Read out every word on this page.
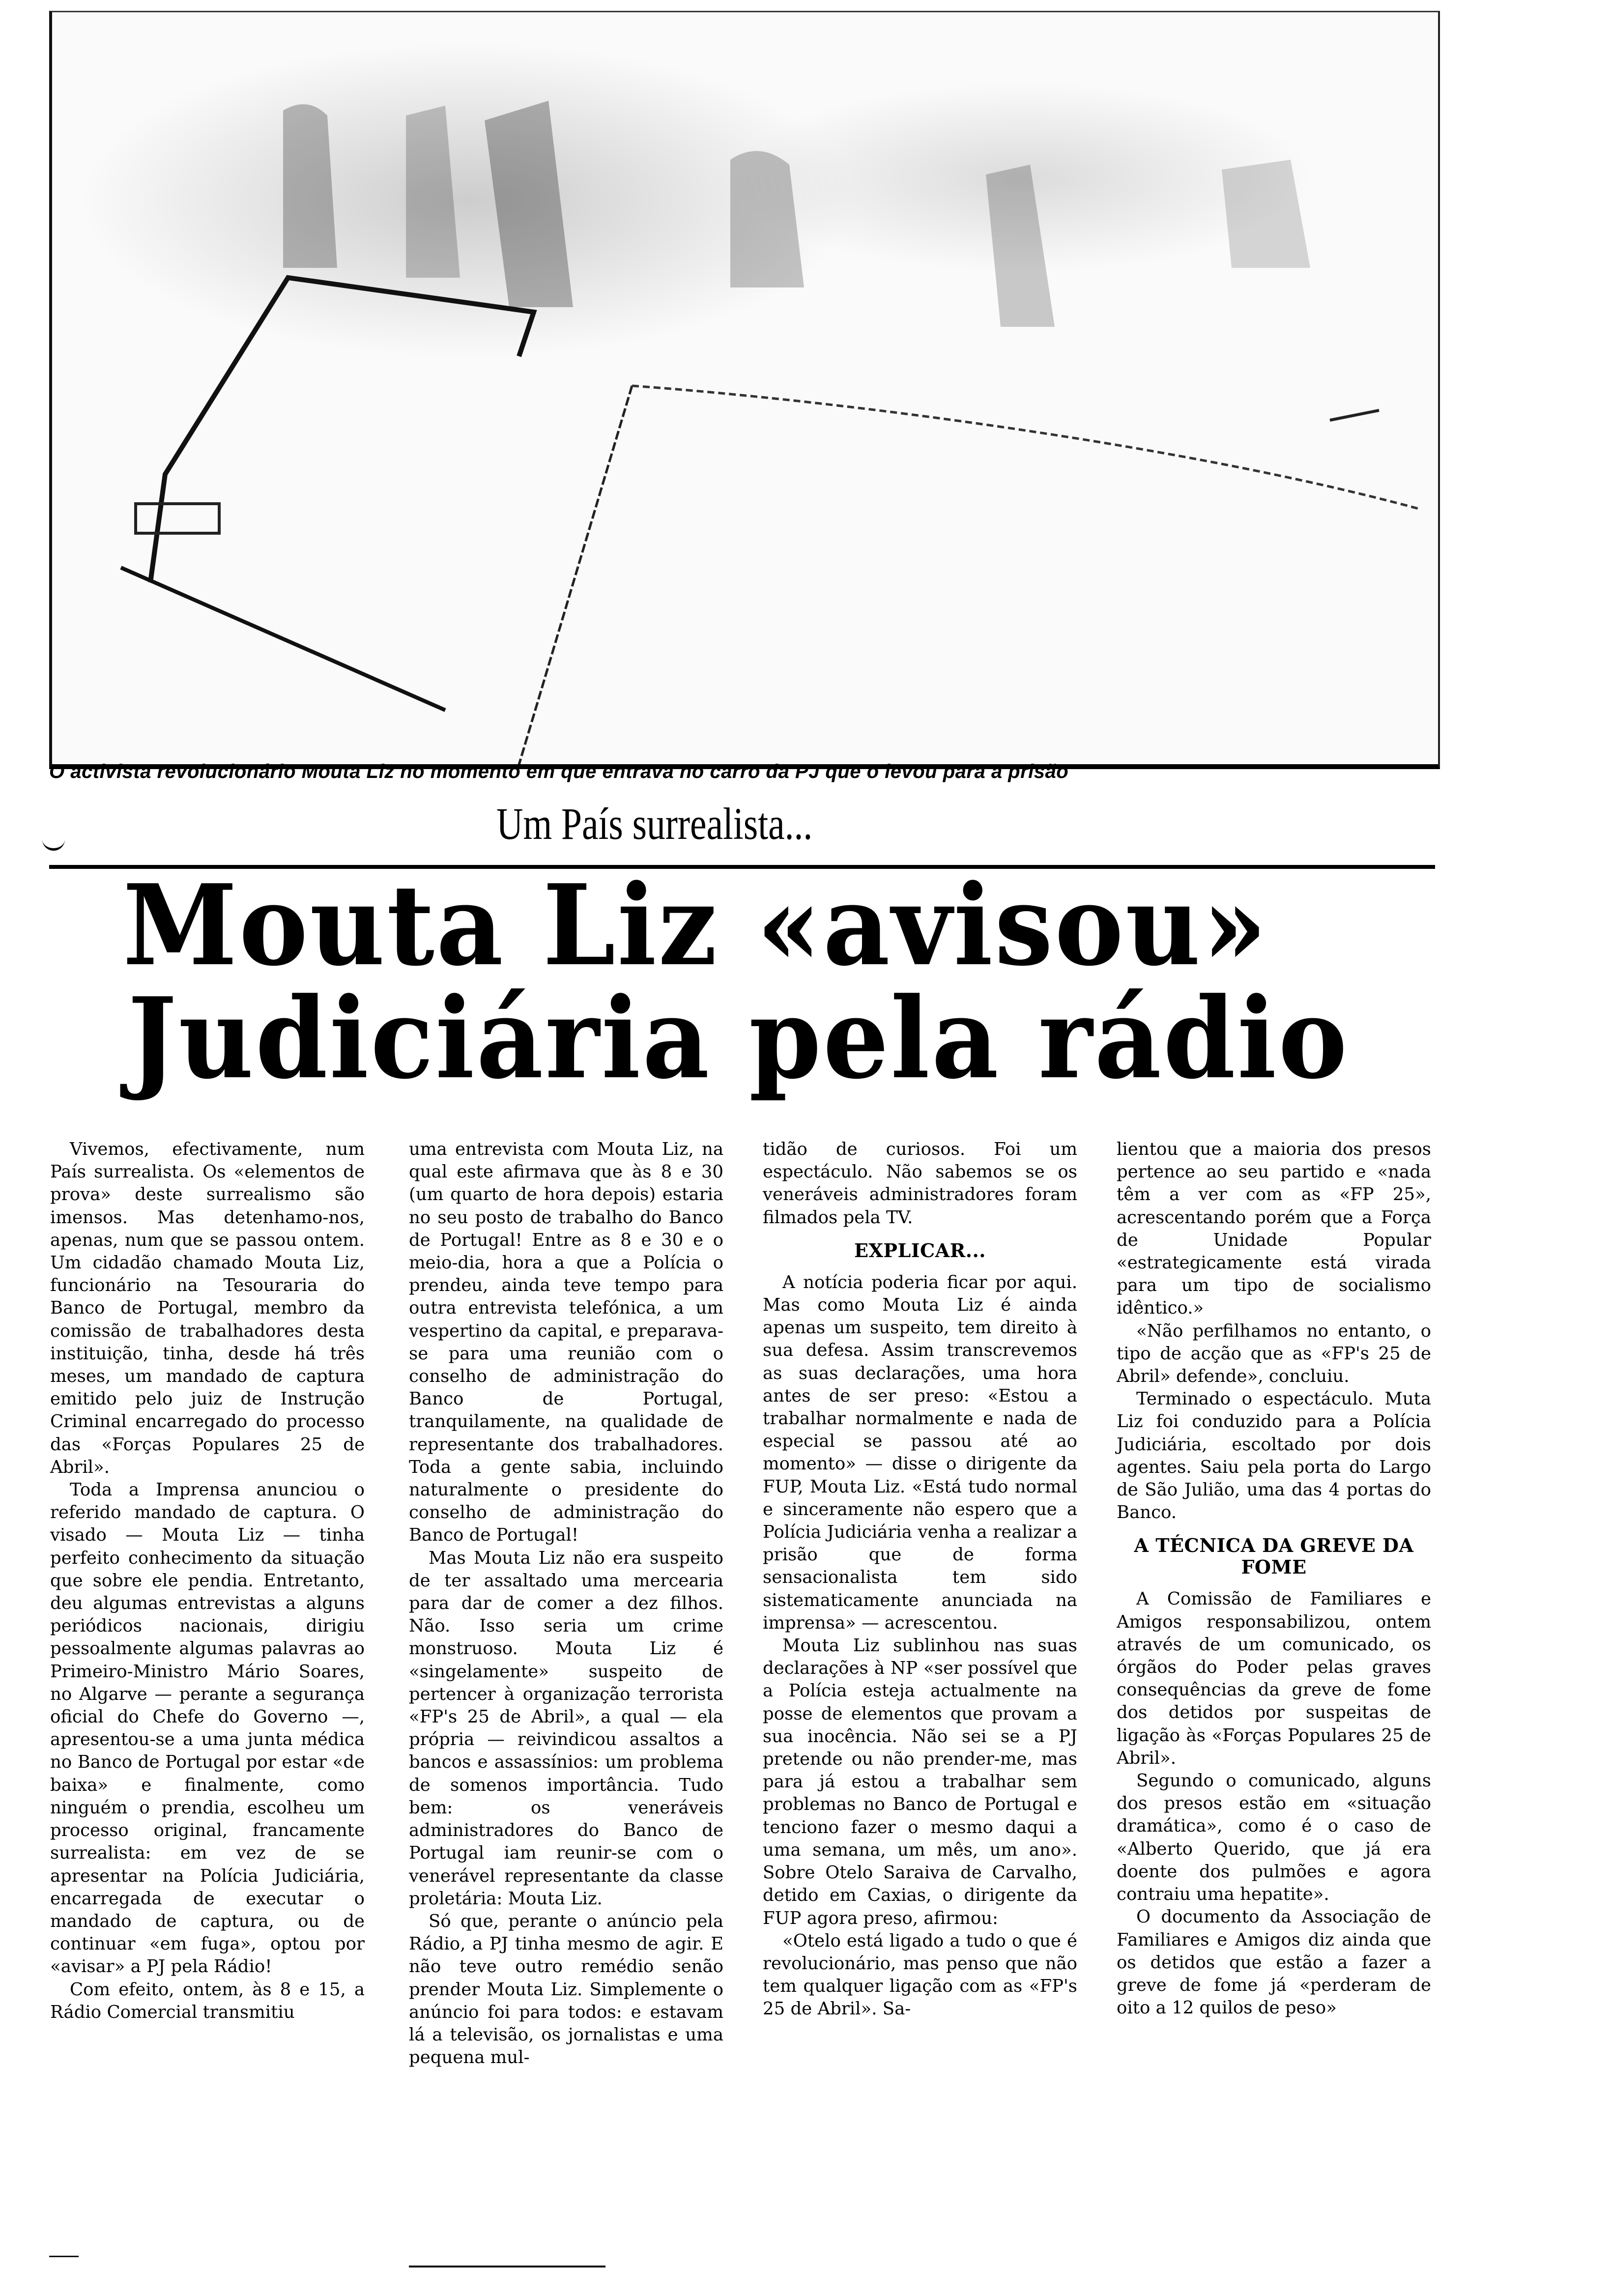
O activista revolucionário Mouta Liz no momento em que entrava no carro da PJ que o levou para a prisão
Um País surrealista...
Mouta Liz «avisou»
Judiciária pela rádio

Vivemos, efectivamente, num País surrealista. Os «elementos de prova» deste surrealismo são imensos. Mas detenhamo-nos, apenas, num que se passou ontem. Um cidadão chamado Mouta Liz, funcionário na Tesouraria do Banco de Portugal, membro da comissão de trabalhadores desta instituição, tinha, desde há três meses, um mandado de captura emitido pelo juiz de Instrução Criminal encarregado do processo das «Forças Populares 25 de Abril».

Toda a Imprensa anunciou o referido mandado de captura. O visado — Mouta Liz — tinha perfeito conhecimento da situação que sobre ele pendia. Entretanto, deu algumas entrevistas a alguns periódicos nacionais, dirigiu pessoalmente algumas palavras ao Primeiro-Ministro Mário Soares, no Algarve — perante a segurança oficial do Chefe do Governo —, apresentou-se a uma junta médica no Banco de Portugal por estar «de baixa» e finalmente, como ninguém o prendia, escolheu um processo original, francamente surrealista: em vez de se apresentar na Polícia Judiciária, encarregada de executar o mandado de captura, ou de continuar «em fuga», optou por «avisar» a PJ pela Rádio!

Com efeito, ontem, às 8 e 15, a Rádio Comercial transmitiu

uma entrevista com Mouta Liz, na qual este afirmava que às 8 e 30 (um quarto de hora depois) estaria no seu posto de trabalho do Banco de Portugal! Entre as 8 e 30 e o meio-dia, hora a que a Polícia o prendeu, ainda teve tempo para outra entrevista telefónica, a um vespertino da capital, e preparava-se para uma reunião com o conselho de administração do Banco de Portugal, tranquilamente, na qualidade de representante dos trabalhadores. Toda a gente sabia, incluindo naturalmente o presidente do conselho de administração do Banco de Portugal!

Mas Mouta Liz não era suspeito de ter assaltado uma mercearia para dar de comer a dez filhos. Não. Isso seria um crime monstruoso. Mouta Liz é «singelamente» suspeito de pertencer à organização terrorista «FP's 25 de Abril», a qual — ela própria — reivindicou assaltos a bancos e assassínios: um problema de somenos importância. Tudo bem: os veneráveis administradores do Banco de Portugal iam reunir-se com o venerável representante da classe proletária: Mouta Liz.

Só que, perante o anúncio pela Rádio, a PJ tinha mesmo de agir. E não teve outro remédio senão prender Mouta Liz. Simplemente o anúncio foi para todos: e estavam lá a televisão, os jornalistas e uma pequena mul-

tidão de curiosos. Foi um espectáculo. Não sabemos se os veneráveis administradores foram filmados pela TV.

EXPLICAR...

A notícia poderia ficar por aqui. Mas como Mouta Liz é ainda apenas um suspeito, tem direito à sua defesa. Assim transcrevemos as suas declarações, uma hora antes de ser preso: «Estou a trabalhar normalmente e nada de especial se passou até ao momento» — disse o dirigente da FUP, Mouta Liz. «Está tudo normal e sinceramente não espero que a Polícia Judiciária venha a realizar a prisão que de forma sensacionalista tem sido sistematicamente anunciada na imprensa» — acrescentou.

Mouta Liz sublinhou nas suas declarações à NP «ser possível que a Polícia esteja actualmente na posse de elementos que provam a sua inocência. Não sei se a PJ pretende ou não prender-me, mas para já estou a trabalhar sem problemas no Banco de Portugal e tenciono fazer o mesmo daqui a uma semana, um mês, um ano». Sobre Otelo Saraiva de Carvalho, detido em Caxias, o dirigente da FUP agora preso, afirmou:

«Otelo está ligado a tudo o que é revolucionário, mas penso que não tem qualquer ligação com as «FP's 25 de Abril». Sa-

lientou que a maioria dos presos pertence ao seu partido e «nada têm a ver com as «FP 25», acrescentando porém que a Força de Unidade Popular «estrategicamente está virada para um tipo de socialismo idêntico.»

«Não perfilhamos no entanto, o tipo de acção que as «FP's 25 de Abril» defende», concluiu.

Terminado o espectáculo. Muta Liz foi conduzido para a Polícia Judiciária, escoltado por dois agentes. Saiu pela porta do Largo de São Julião, uma das 4 portas do Banco.

A TÉCNICA DA GREVE DA FOME

A Comissão de Familiares e Amigos responsabilizou, ontem através de um comunicado, os órgãos do Poder pelas graves consequências da greve de fome dos detidos por suspeitas de ligação às «Forças Populares 25 de Abril».

Segundo o comunicado, alguns dos presos estão em «situação dramática», como é o caso de «Alberto Querido, que já era doente dos pulmões e agora contraiu uma hepatite».

O documento da Associação de Familiares e Amigos diz ainda que os detidos que estão a fazer a greve de fome já «perderam de oito a 12 quilos de peso»
